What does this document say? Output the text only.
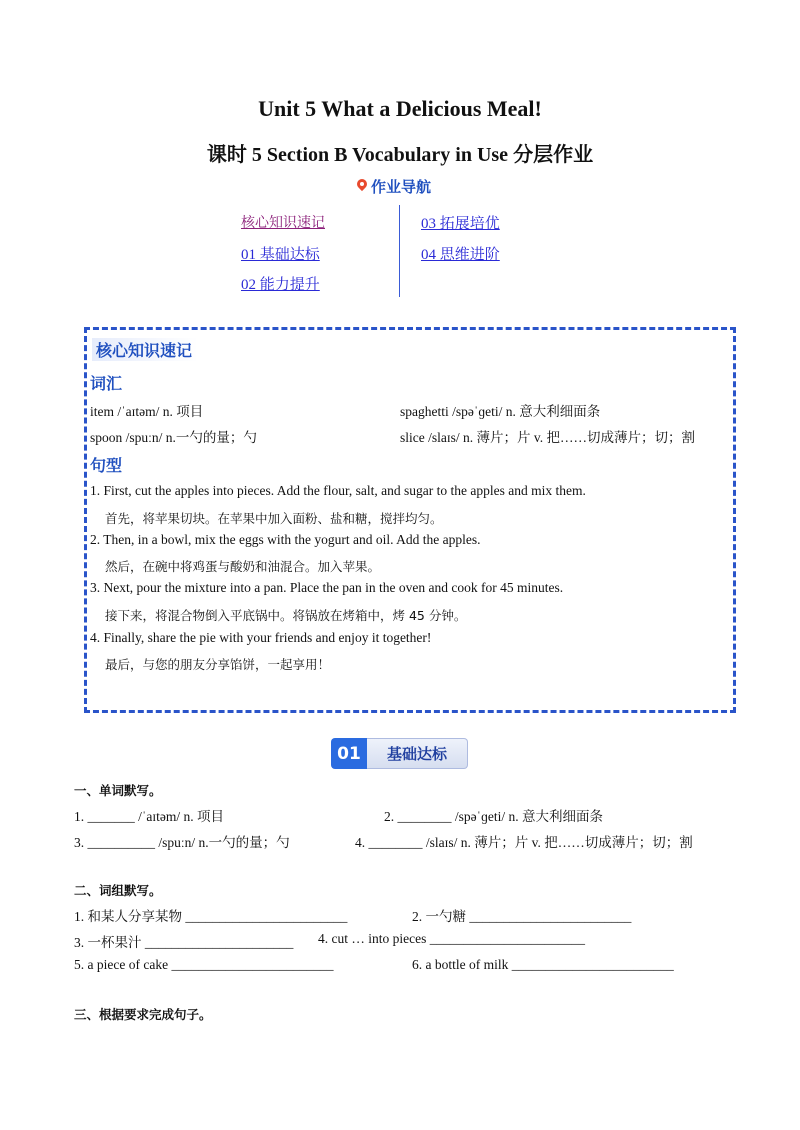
Unit 5 What a Delicious Meal!
课时 5 Section B Vocabulary in Use 分层作业
作业导航
核心知识速记
01 基础达标
02 能力提升
03 拓展培优
04 思维进阶
核心知识速记
词汇
item /ˈaɪtəm/ n. 项目	spaghetti /spəˈɡeti/ n. 意大利细面条
spoon /spuːn/ n.一勺的量；勺	slice /slaɪs/ n. 薄片；片 v. 把……切成薄片；切；割
句型
1. First, cut the apples into pieces. Add the flour, salt, and sugar to the apples and mix them.
首先，将苹果切块。在苹果中加入面粉、盐和糖，搅拌均匀。
2. Then, in a bowl, mix the eggs with the yogurt and oil. Add the apples.
然后，在碗中将鸡蛋与酸奶和油混合。加入苹果。
3. Next, pour the mixture into a pan. Place the pan in the oven and cook for 45 minutes.
接下来，将混合物倒入平底锅中。将锅放在烤箱中，烤 45 分钟。
4. Finally, share the pie with your friends and enjoy it together!
最后，与您的朋友分享馅饼，一起享用！
01	基础达标
一、单词默写。
1. _______ /ˈaɪtəm/ n. 项目	2. ________ /spəˈɡeti/ n. 意大利细面条
3. __________ /spuːn/ n.一勺的量；勺	4. ________ /slaɪs/ n. 薄片；片 v. 把……切成薄片；切；割
二、词组默写。
1. 和某人分享某物 ________________________	2. 一勺糖 ________________________
3. 一杯果汁 ______________________ 4. cut … into pieces _______________________
5. a piece of cake ________________________	6. a bottle of milk ________________________
三、根据要求完成句子。
